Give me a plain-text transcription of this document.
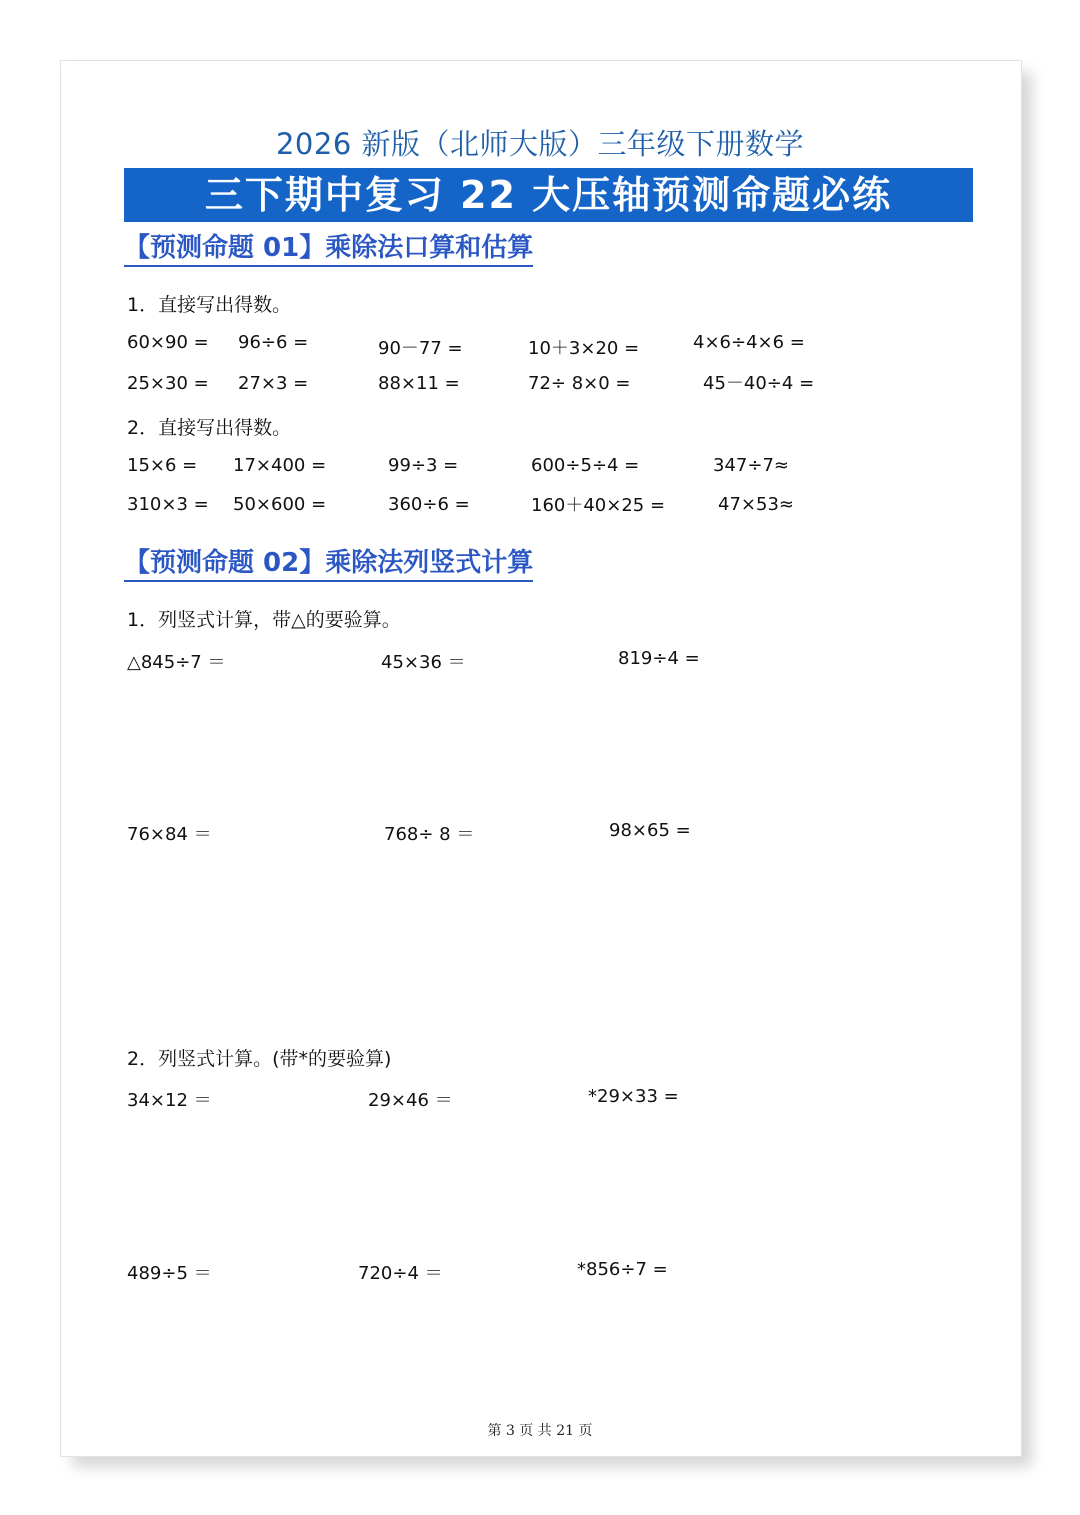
2026 新版（北师大版）三年级下册数学
三下期中复习 22 大压轴预测命题必练
【预测命题 01】乘除法口算和估算
1．直接写出得数。
60×90 = 96÷6 =	90－77 =	10＋3×20 =	4×6÷4×6 =
25×30 = 27×3 =	88×11 =	72÷ 8×0 =	45－40÷4 =
2．直接写出得数。
15×6 = 17×400 =	99÷3 =	600÷5÷4 =	347÷7≈
310×3 = 50×600 =	360÷6 =	160＋40×25 =	47×53≈
【预测命题 02】乘除法列竖式计算
1．列竖式计算，带△的要验算。
△845÷7 ＝	45×36 ＝	819÷4 =
76×84 ＝	768÷ 8 ＝	98×65 =
2．列竖式计算。(带*的要验算)
34×12 ＝	29×46 ＝	*29×33 =
489÷5 ＝	720÷4 ＝	*856÷7 =
第 3 页 共 21 页
